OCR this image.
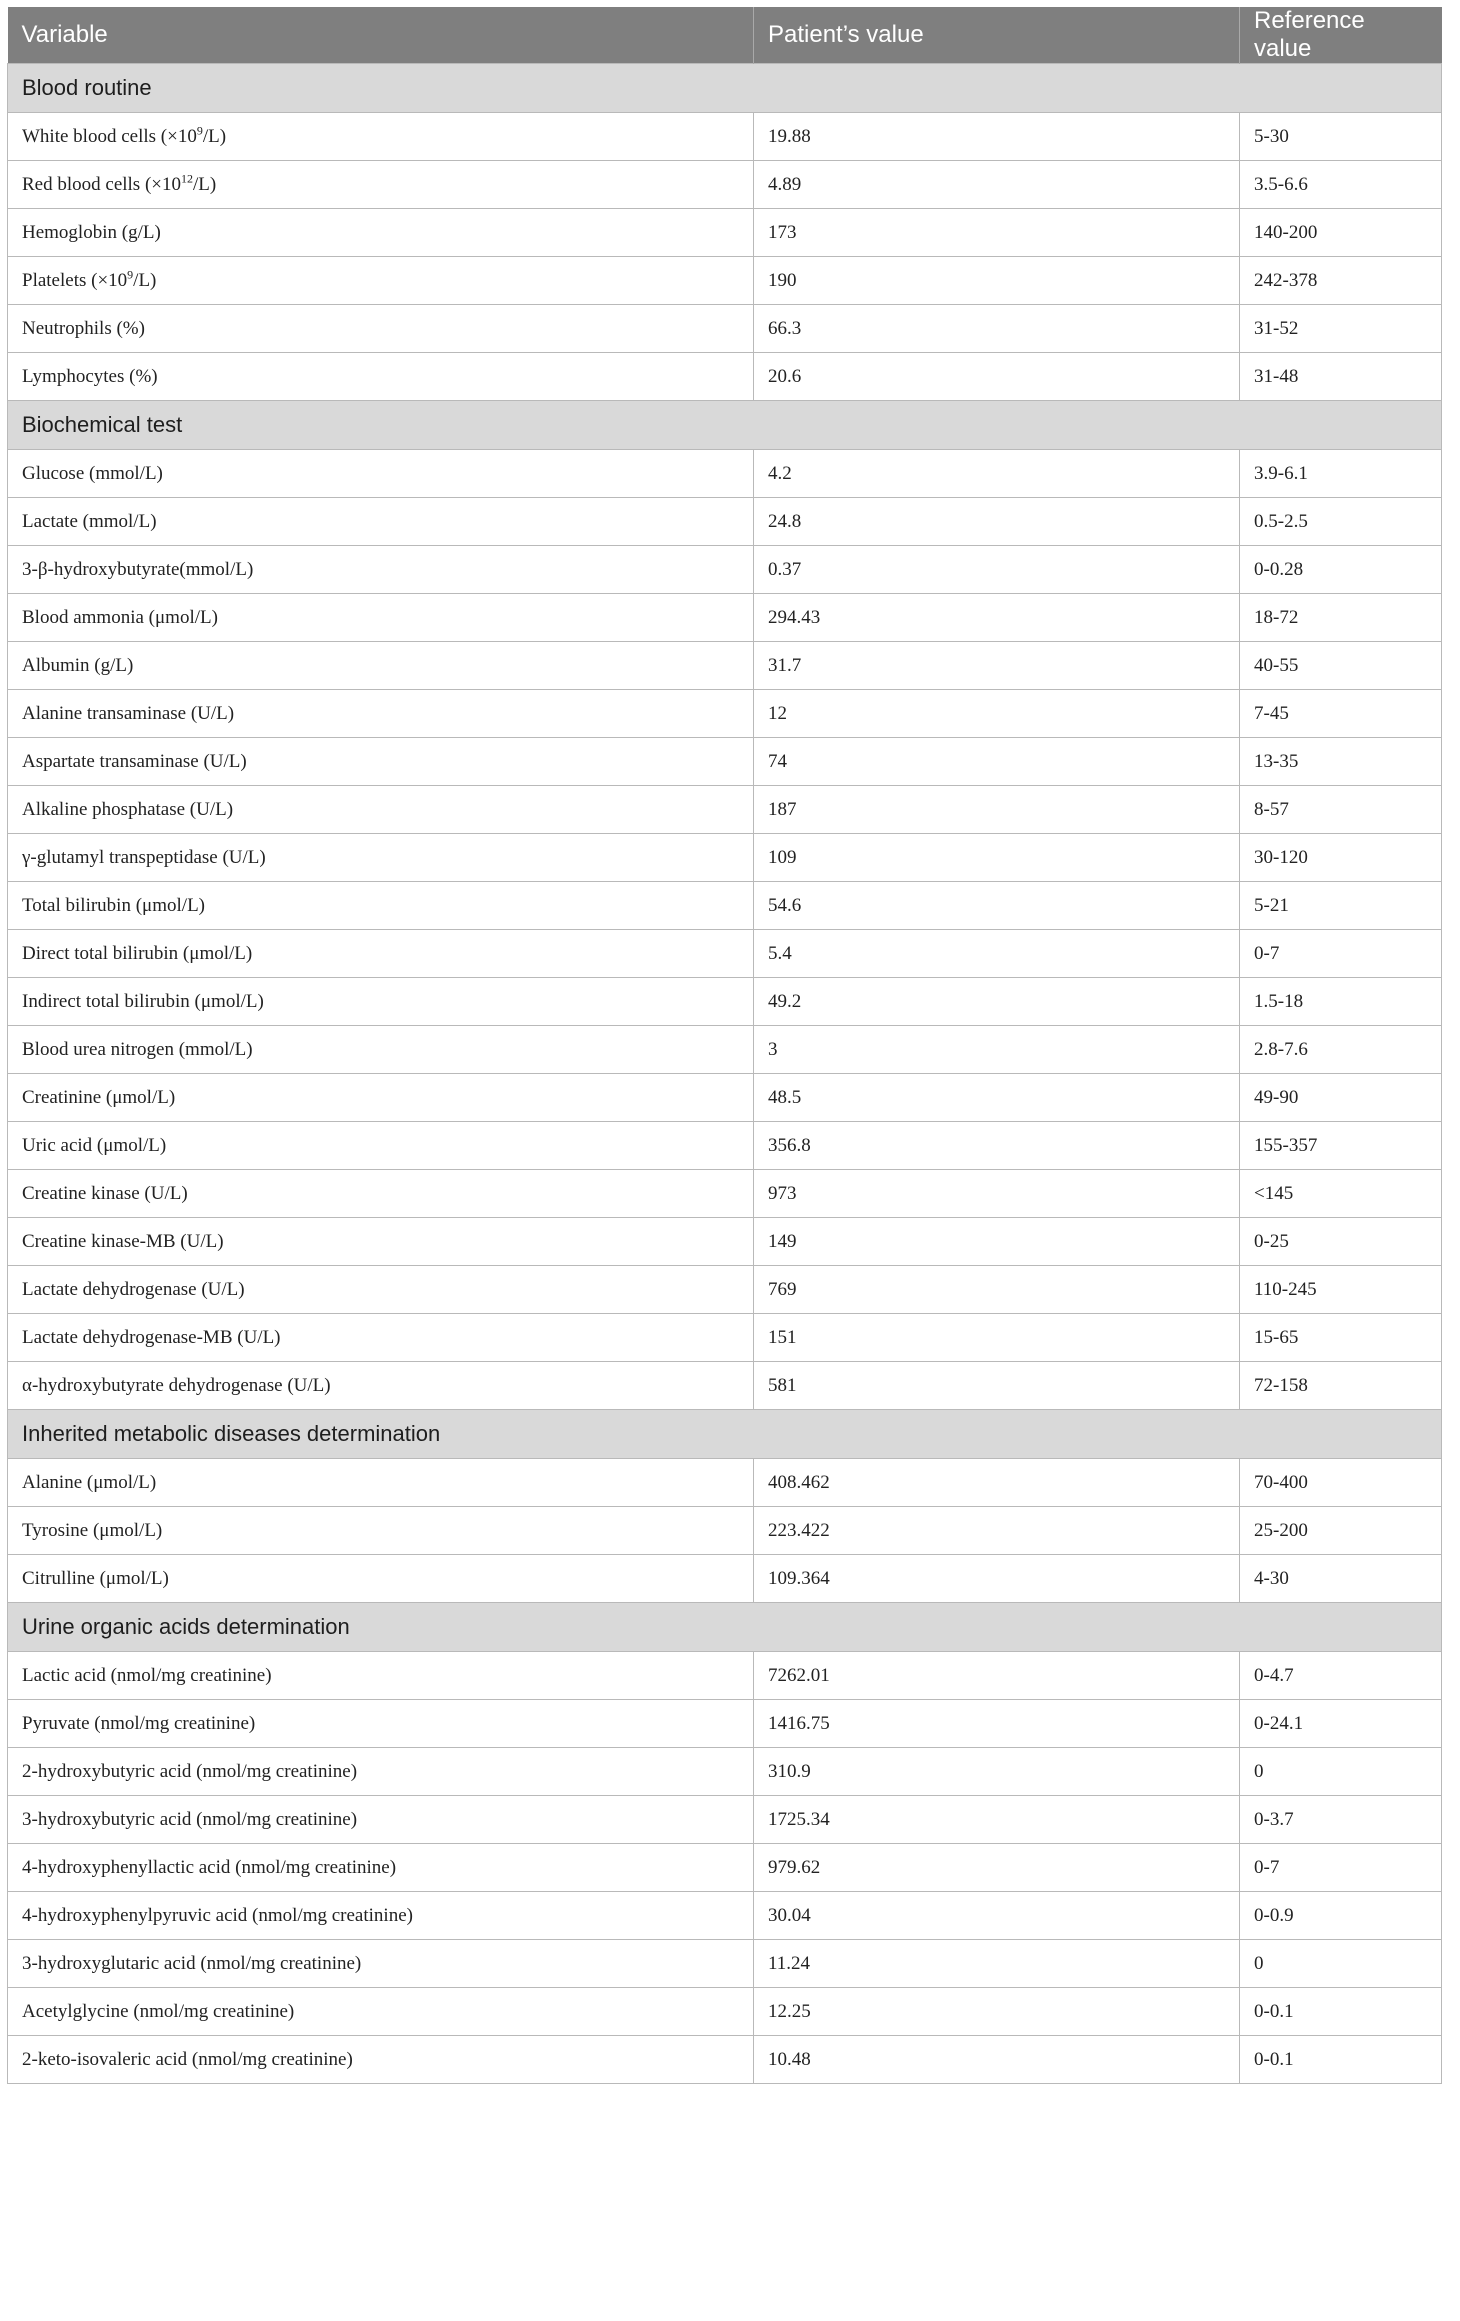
Variable	Patient’s value	Reference value
Blood routine		
White blood cells $(\times 10^9/L)$	19.88	5-30
Red blood cells $(\times 10^{12}/L)$	4.89	3.5-6.6
Hemoglobin (g/L)	173	140-200
Platelets $(\times 10^9/L)$	190	242-378
Neutrophils (%)	66.3	31-52
Lymphocytes (%)	20.6	31-48
Biochemical test		
Glucose (mmol/L)	4.2	3.9-6.1
Lactate (mmol/L)	24.8	0.5-2.5
3-β-hydroxybutyrate(mmol/L)	0.37	0-0.28
Blood ammonia (μmol/L)	294.43	18-72
Albumin (g/L)	31.7	40-55
Alanine transaminase (U/L)	12	7-45
Aspartate transaminase (U/L)	74	13-35
Alkaline phosphatase (U/L)	187	8-57
γ-glutamyl transpeptidase (U/L)	109	30-120
Total bilirubin (μmol/L)	54.6	5-21
Direct total bilirubin (μmol/L)	5.4	0-7
Indirect total bilirubin (μmol/L)	49.2	1.5-18
Blood urea nitrogen (mmol/L)	3	2.8-7.6
Creatinine (μmol/L)	48.5	49-90
Uric acid (μmol/L)	356.8	155-357
Creatine kinase (U/L)	973	<145
Creatine kinase-MB (U/L)	149	0-25
Lactate dehydrogenase (U/L)	769	110-245
Lactate dehydrogenase-MB (U/L)	151	15-65
α-hydroxybutyrate dehydrogenase (U/L)	581	72-158
Inherited metabolic diseases determination		
Alanine (μmol/L)	408.462	70-400
Tyrosine (μmol/L)	223.422	25-200
Citrulline (μmol/L)	109.364	4-30
Urine organic acids determination		
Lactic acid (nmol/mg creatinine)	7262.01	0-4.7
Pyruvate (nmol/mg creatinine)	1416.75	0-24.1
2-hydroxybutyric acid (nmol/mg creatinine)	310.9	0
3-hydroxybutyric acid (nmol/mg creatinine)	1725.34	0-3.7
4-hydroxyphenyllactic acid (nmol/mg creatinine)	979.62	0-7
4-hydroxyphenylpyruvic acid (nmol/mg creatinine)	30.04	0-0.9
3-hydroxyglutaric acid (nmol/mg creatinine)	11.24	0
Acetylglycine (nmol/mg creatinine)	12.25	0-0.1
2-keto-isovaleric acid (nmol/mg creatinine)	10.48	0-0.1
